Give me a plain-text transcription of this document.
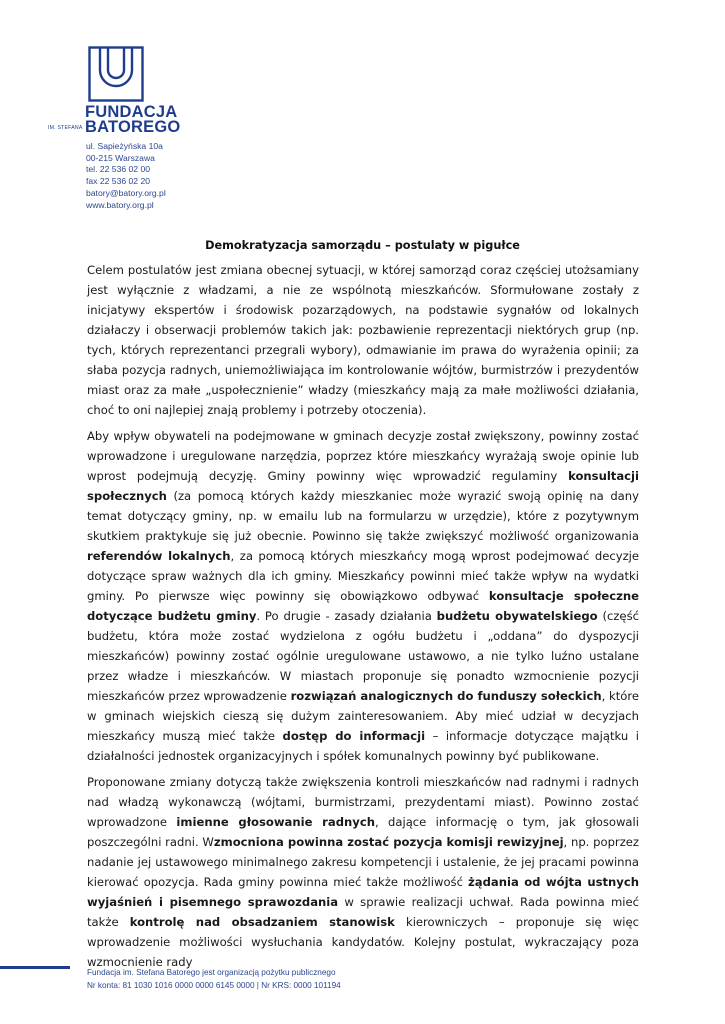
IM. STEFANA

FUNDACJA

BATOREGO

ul. Sapieżyńska 10a
00-215 Warszawa
tel. 22 536 02 00
fax 22 536 02 20
batory@batory.org.pl
www.batory.org.pl
Demokratyzacja samorządu – postulaty w pigułce

Celem postulatów jest zmiana obecnej sytuacji, w której samorząd coraz częściej utożsamiany jest wyłącznie z władzami, a nie ze wspólnotą mieszkańców. Sformułowane zostały z inicjatywy ekspertów i środowisk pozarządowych, na podstawie sygnałów od lokalnych działaczy i obserwacji problemów takich jak: pozbawienie reprezentacji niektórych grup (np. tych, których reprezentanci przegrali wybory), odmawianie im prawa do wyrażenia opinii; za słaba pozycja radnych, uniemożliwiająca im kontrolowanie wójtów, burmistrzów i prezydentów miast oraz za małe „uspołecznienie” władzy (mieszkańcy mają za małe możliwości działania, choć to oni najlepiej znają problemy i potrzeby otoczenia).

Aby wpływ obywateli na podejmowane w gminach decyzje został zwiększony, powinny zostać wprowadzone i uregulowane narzędzia, poprzez które mieszkańcy wyrażają swoje opinie lub wprost podejmują decyzję. Gminy powinny więc wprowadzić regulaminy konsultacji społecznych (za pomocą których każdy mieszkaniec może wyrazić swoją opinię na dany temat dotyczący gminy, np. w emailu lub na formularzu w urzędzie), które z pozytywnym skutkiem praktykuje się już obecnie. Powinno się także zwiększyć możliwość organizowania referendów lokalnych, za pomocą których mieszkańcy mogą wprost podejmować decyzje dotyczące spraw ważnych dla ich gminy. Mieszkańcy powinni mieć także wpływ na wydatki gminy. Po pierwsze więc powinny się obowiązkowo odbywać konsultacje społeczne dotyczące budżetu gminy. Po drugie - zasady działania budżetu obywatelskiego (część budżetu, która może zostać wydzielona z ogółu budżetu i „oddana” do dyspozycji mieszkańców) powinny zostać ogólnie uregulowane ustawowo, a nie tylko luźno ustalane przez władze i mieszkańców. W miastach proponuje się ponadto wzmocnienie pozycji mieszkańców przez wprowadzenie rozwiązań analogicznych do funduszy sołeckich, które w gminach wiejskich cieszą się dużym zainteresowaniem. Aby mieć udział w decyzjach mieszkańcy muszą mieć także dostęp do informacji – informacje dotyczące majątku i działalności jednostek organizacyjnych i spółek komunalnych powinny być publikowane.

Proponowane zmiany dotyczą także zwiększenia kontroli mieszkańców nad radnymi i radnych nad władzą wykonawczą (wójtami, burmistrzami, prezydentami miast). Powinno zostać wprowadzone imienne głosowanie radnych, dające informację o tym, jak głosowali poszczególni radni. Wzmocniona powinna zostać pozycja komisji rewizyjnej, np. poprzez nadanie jej ustawowego minimalnego zakresu kompetencji i ustalenie, że jej pracami powinna kierować opozycja. Rada gminy powinna mieć także możliwość żądania od wójta ustnych wyjaśnień i pisemnego sprawozdania w sprawie realizacji uchwał. Rada powinna mieć także kontrolę nad obsadzaniem stanowisk kierowniczych – proponuje się więc wprowadzenie możliwości wysłuchania kandydatów. Kolejny postulat, wykraczający poza wzmocnienie rady

Fundacja im. Stefana Batorego jest organizacją pożytku publicznego
Nr konta: 81 1030 1016 0000 0000 6145 0000 | Nr KRS: 0000 101194
